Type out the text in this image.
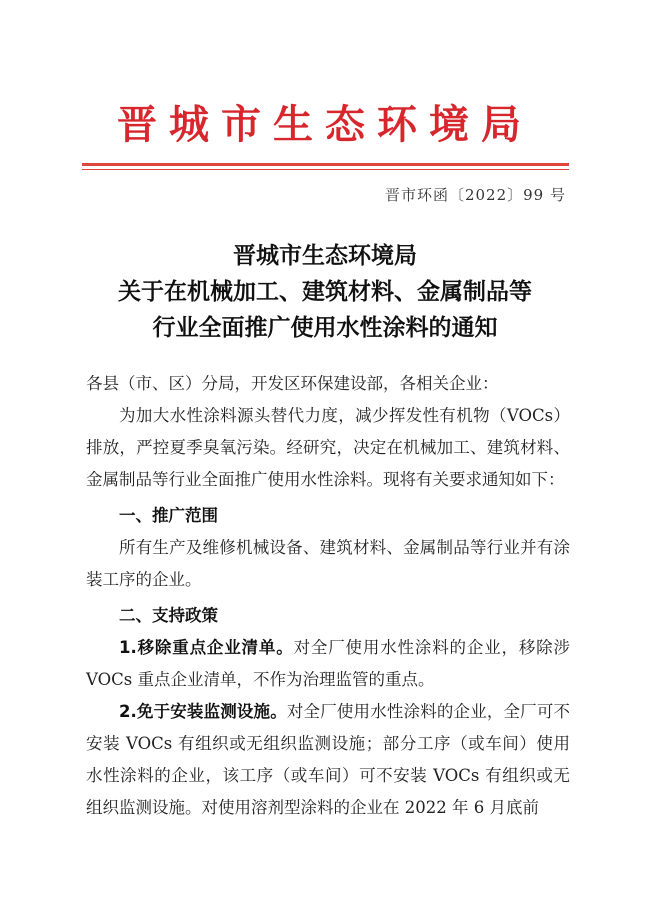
晋城市生态环境局
晋市环函〔2022〕99 号
晋城市生态环境局
关于在机械加工、建筑材料、金属制品等
行业全面推广使用水性涂料的通知

各县（市、区）分局，开发区环保建设部，各相关企业：

为加大水性涂料源头替代力度，减少挥发性有机物（VOCs）排放，严控夏季臭氧污染。经研究，决定在机械加工、建筑材料、金属制品等行业全面推广使用水性涂料。现将有关要求通知如下：

一、推广范围

所有生产及维修机械设备、建筑材料、金属制品等行业并有涂装工序的企业。

二、支持政策

1.移除重点企业清单。对全厂使用水性涂料的企业，移除涉VOCs 重点企业清单，不作为治理监管的重点。

2.免于安装监测设施。对全厂使用水性涂料的企业，全厂可不安装 VOCs 有组织或无组织监测设施；部分工序（或车间）使用水性涂料的企业，该工序（或车间）可不安装 VOCs 有组织或无组织监测设施。对使用溶剂型涂料的企业在 2022 年 6 月底前
